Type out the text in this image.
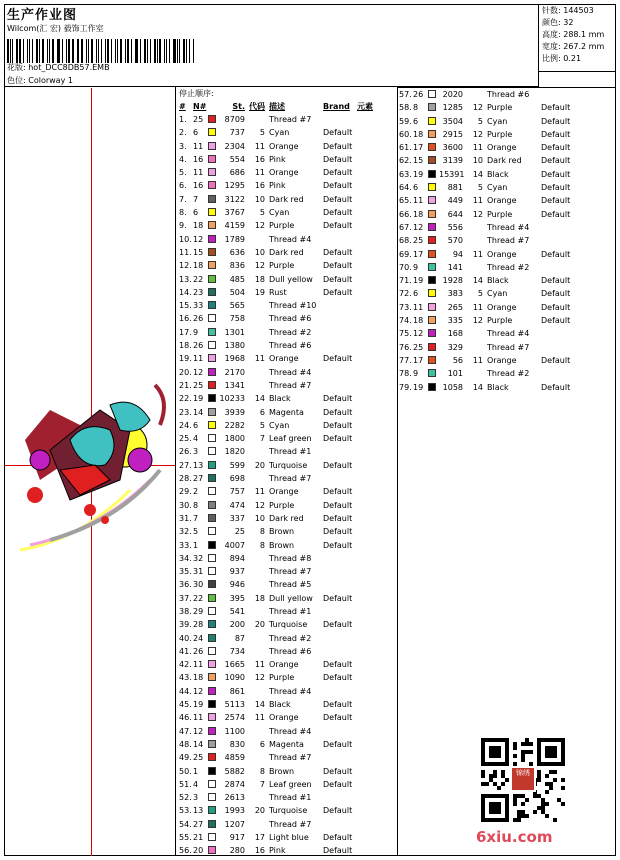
生产作业图
Wilcom(汇 宏) 毅饰工作室
花版: hot_DCC8DB57.EMB
色位: Colorway 1
针数: 144503
颜色: 32
高度: 288.1 mm
宽度: 267.2 mm
比例: 0.21
停止顺序:
# N#	St. 代码 描述	Brand 元素
1. 25	8709	Thread #7
2. 6	737	5 Cyan	Default
3. 11	2304	11 Orange	Default
4. 16	554	16 Pink	Default
5. 11	686	11 Orange	Default
6. 16	1295	16 Pink	Default
7. 7	3122	10 Dark red	Default
8. 6	3767	5 Cyan	Default
9. 18	4159	12 Purple	Default
10. 12	1789	Thread #4
11. 15	636	10 Dark red	Default
12. 18	836	12 Purple	Default
13. 22	485	18 Dull yellow	Default
14. 23	504	19 Rust	Default
15. 33	565	Thread #10
16. 26	758	Thread #6
17. 9	1301	Thread #2
18. 26	1380	Thread #6
19. 11	1968	11 Orange	Default
20. 12	2170	Thread #4
21. 25	1341	Thread #7
22. 19	10233	14 Black	Default
23. 14	3939	6 Magenta	Default
24. 6	2282	5 Cyan	Default
25. 4	1800	7 Leaf green	Default
26. 3	1820	Thread #1
27. 13	599	20 Turquoise	Default
28. 27	698	Thread #7
29. 2	757	11 Orange	Default
30. 8	474	12 Purple	Default
31. 7	337	10 Dark red	Default
32. 5	25	8 Brown	Default
33. 1	4007	8 Brown	Default
34. 32	894	Thread #8
35. 31	937	Thread #7
36. 30	946	Thread #5
37. 22	395	18 Dull yellow	Default
38. 29	541	Thread #1
39. 28	200	20 Turquoise	Default
40. 24	87	Thread #2
41. 26	734	Thread #6
42. 11	1665	11 Orange	Default
43. 18	1090	12 Purple	Default
44. 12	861	Thread #4
45. 19	5113	14 Black	Default
46. 11	2574	11 Orange	Default
47. 12	1100	Thread #4
48. 14	830	6 Magenta	Default
49. 25	4859	Thread #7
50. 1	5882	8 Brown	Default
51. 4	2874	7 Leaf green	Default
52. 3	2613	Thread #1
53. 13	1993	20 Turquoise	Default
54. 27	1207	Thread #7
55. 21	917	17 Light blue	Default
56. 20	280	16 Pink	Default
57. 26	2020	Thread #6
58. 8	1285	12 Purple	Default
59. 6	3504	5 Cyan	Default
60. 18	2915	12 Purple	Default
61. 17	3600	11 Orange	Default
62. 15	3139	10 Dark red	Default
63. 19	15391	14 Black	Default
64. 6	881	5 Cyan	Default
65. 11	449	11 Orange	Default
66. 18	644	12 Purple	Default
67. 12	556	Thread #4
68. 25	570	Thread #7
69. 17	94	11 Orange	Default
70. 9	141	Thread #2
71. 19	1928	14 Black	Default
72. 6	383	5 Cyan	Default
73. 11	265	11 Orange	Default
74. 18	335	12 Purple	Default
75. 12	168	Thread #4
76. 25	329	Thread #7
77. 17	56	11 Orange	Default
78. 9	101	Thread #2
79. 19	1058	14 Black	Default
锦绣
6xiu.com
